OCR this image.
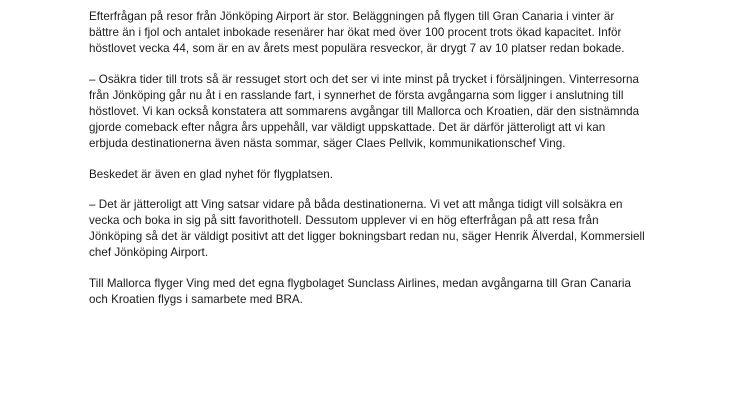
Efterfrågan på resor från Jönköping Airport är stor. Beläggningen på flygen till Gran Canaria i vinter är
bättre än i fjol och antalet inbokade resenärer har ökat med över 100 procent trots ökad kapacitet. Inför
höstlovet vecka 44, som är en av årets mest populära resveckor, är drygt 7 av 10 platser redan bokade.

– Osäkra tider till trots så är ressuget stort och det ser vi inte minst på trycket i försäljningen. Vinterresorna
från Jönköping går nu åt i en rasslande fart, i synnerhet de första avgångarna som ligger i anslutning till
höstlovet. Vi kan också konstatera att sommarens avgångar till Mallorca och Kroatien, där den sistnämnda
gjorde comeback efter några års uppehåll, var väldigt uppskattade. Det är därför jätteroligt att vi kan
erbjuda destinationerna även nästa sommar, säger Claes Pellvik, kommunikationschef Ving.

Beskedet är även en glad nyhet för flygplatsen.

– Det är jätteroligt att Ving satsar vidare på båda destinationerna. Vi vet att många tidigt vill solsäkra en
vecka och boka in sig på sitt favorithotell. Dessutom upplever vi en hög efterfrågan på att resa från
Jönköping så det är väldigt positivt att det ligger bokningsbart redan nu, säger Henrik Älverdal, Kommersiell
chef Jönköping Airport.

Till Mallorca flyger Ving med det egna flygbolaget Sunclass Airlines, medan avgångarna till Gran Canaria
och Kroatien flygs i samarbete med BRA.
